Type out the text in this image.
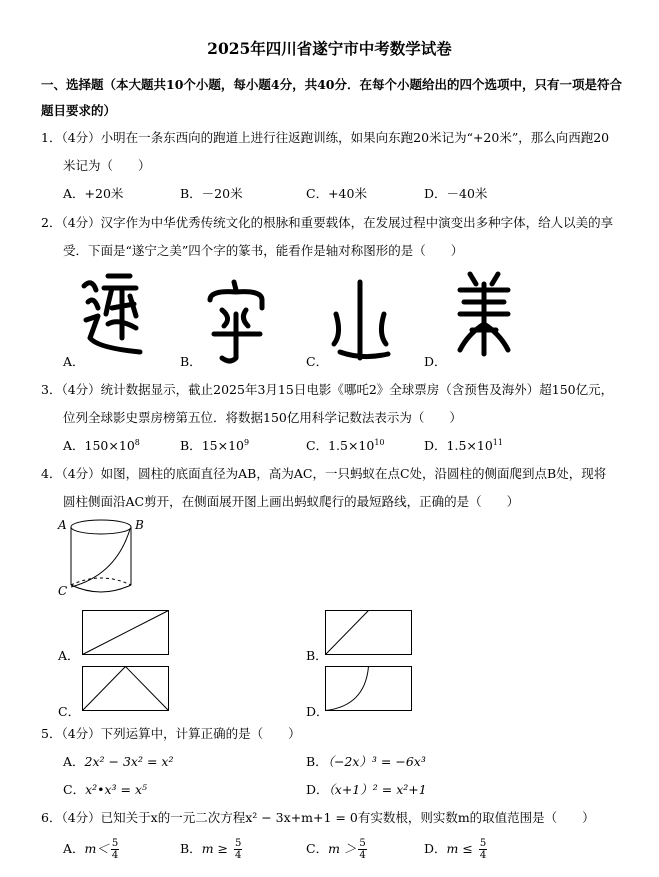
2025年四川省遂宁市中考数学试卷
一、选择题（本大题共10个小题，每小题4分，共40分．在每个小题给出的四个选项中，只有一项是符合题目要求的）
1．（4分）小明在一条东西向的跑道上进行往返跑训练，如果向东跑20米记为“+20米”，那么向西跑20
米记为（　　）
A．+20米	B．－20米	C．+40米	D．－40米
2．（4分）汉字作为中华优秀传统文化的根脉和重要载体，在发展过程中演变出多种字体，给人以美的享
受．下面是“遂宁之美”四个字的篆书，能看作是轴对称图形的是（　　）
A．	B．	C．	D．
3．（4分）统计数据显示，截止2025年3月15日电影《哪吒2》全球票房（含预售及海外）超150亿元，
位列全球影史票房榜第五位．将数据150亿用科学记数法表示为（　　）
A．$150\times 10^8$	B．$15\times 10^9$	C．$1.5\times 10^{10}$	D．$1.5\times 10^{11}$
4．（4分）如图，圆柱的底面直径为AB，高为AC，一只蚂蚁在点C处，沿圆柱的侧面爬到点B处，现将
圆柱侧面沿AC剪开，在侧面展开图上画出蚂蚁爬行的最短路线，正确的是（　　）
A	B
C
A．	B．
C．	D．
5．（4分）下列运算中，计算正确的是（　　）
A．2x² − 3x² = x²	B．（−2x）³ = −6x³
C．x²•x³ = x⁵	D．（x+1）² = x²+1
6．（4分）已知关于x的一元二次方程x² − 3x+m+1 = 0有实数根，则实数m的取值范围是（　　）
A．$m< \frac{5}{4}$	B．$m \ge \frac{5}{4}$	C．$m > \frac{5}{4}$	D．$m \le \frac{5}{4}$
